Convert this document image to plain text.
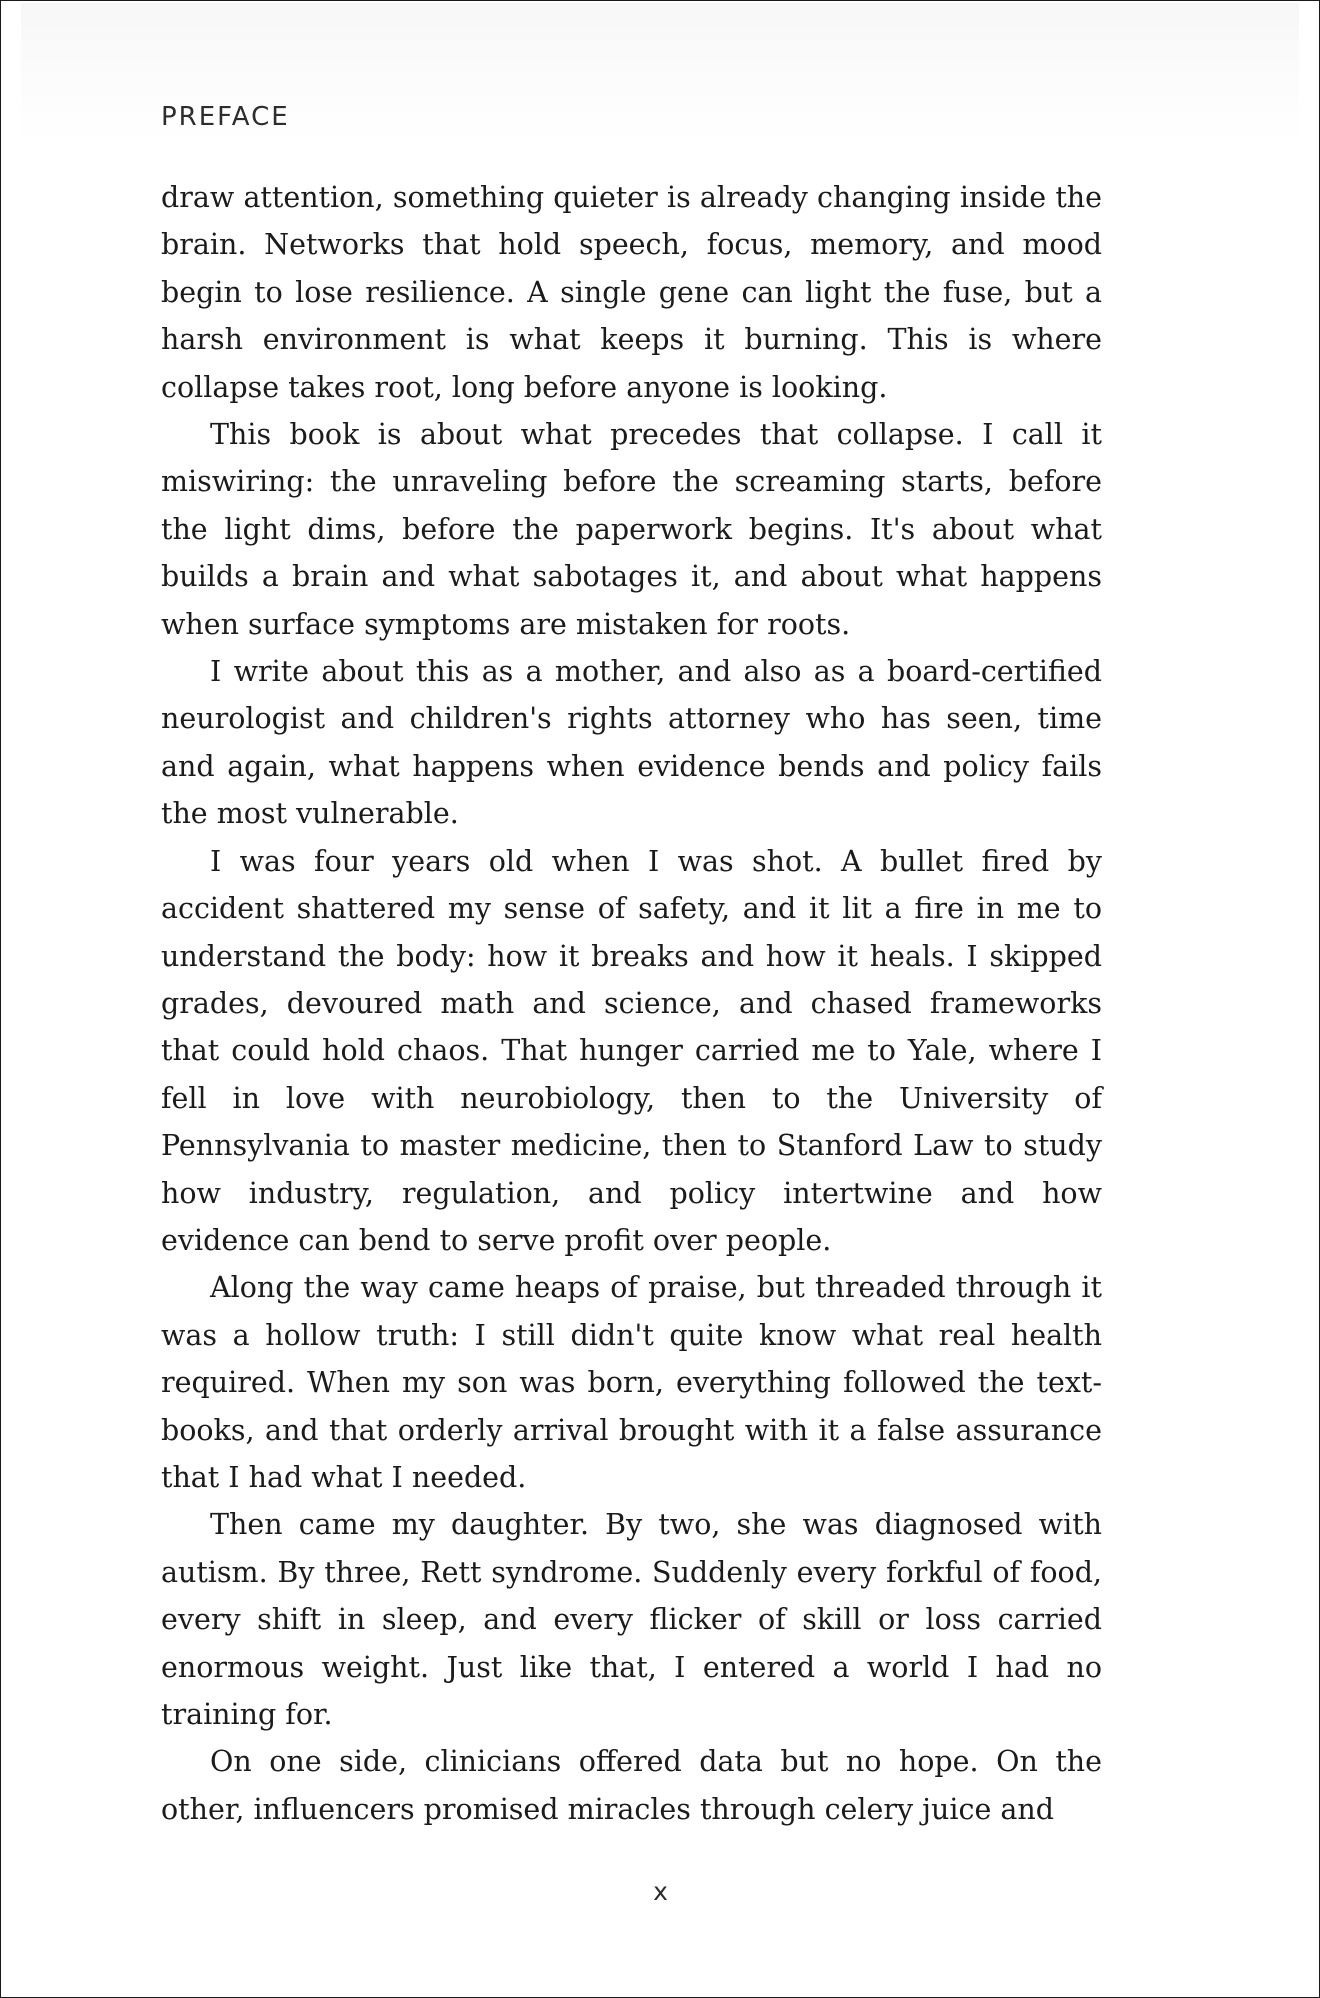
PREFACE

draw attention, something quieter is already changing inside the brain. Networks that hold speech, focus, memory, and mood begin to lose resilience. A single gene can light the fuse, but a harsh environment is what keeps it burning. This is where collapse takes root, long before anyone is looking.

This book is about what precedes that collapse. I call it miswiring: the unraveling before the screaming starts, before the light dims, before the paperwork begins. It's about what builds a brain and what sabotages it, and about what happens when surface symptoms are mistaken for roots.

I write about this as a mother, and also as a board-certified neurologist and children's rights attorney who has seen, time and again, what happens when evidence bends and policy fails the most vulnerable.

I was four years old when I was shot. A bullet fired by accident shattered my sense of safety, and it lit a fire in me to understand the body: how it breaks and how it heals. I skipped grades, devoured math and science, and chased frameworks that could hold chaos. That hunger carried me to Yale, where I fell in love with neurobiology, then to the University of Pennsylvania to master medicine, then to Stanford Law to study how industry, regulation, and policy intertwine and how evidence can bend to serve profit over people.

Along the way came heaps of praise, but threaded through it was a hollow truth: I still didn't quite know what real health required. When my son was born, everything followed the textbooks, and that orderly arrival brought with it a false assurance that I had what I needed.

Then came my daughter. By two, she was diagnosed with autism. By three, Rett syndrome. Suddenly every forkful of food, every shift in sleep, and every flicker of skill or loss carried enormous weight. Just like that, I entered a world I had no training for.

On one side, clinicians offered data but no hope. On the other, influencers promised miracles through celery juice and

x
